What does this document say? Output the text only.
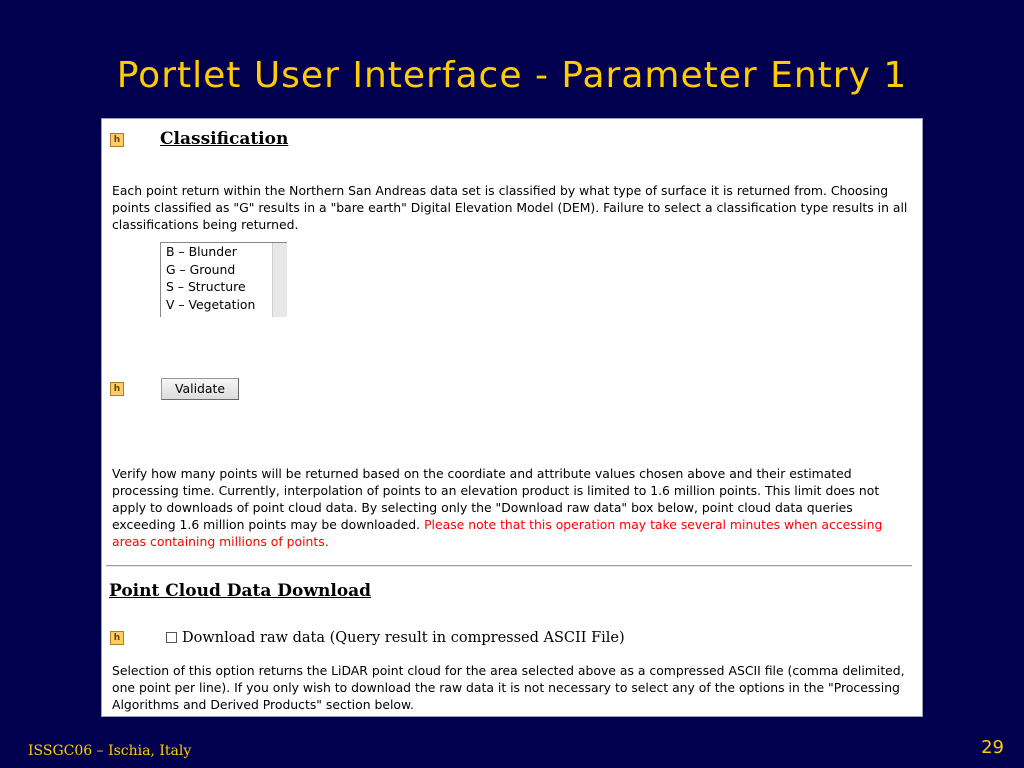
Portlet User Interface - Parameter Entry 1
h Classification
Each point return within the Northern San Andreas data set is classified by what type of surface it is returned from. Choosing points classified as "G" results in a "bare earth" Digital Elevation Model (DEM). Failure to select a classification type results in all classifications being returned.
B – Blunder
G – Ground
S – Structure
V – Vegetation
h	Validate
Verify how many points will be returned based on the coordiate and attribute values chosen above and their estimated processing time. Currently, interpolation of points to an elevation product is limited to 1.6 million points. This limit does not apply to downloads of point cloud data. By selecting only the "Download raw data" box below, point cloud data queries exceeding 1.6 million points may be downloaded. Please note that this operation may take several minutes when accessing areas containing millions of points.
Point Cloud Data Download
h	Download raw data (Query result in compressed ASCII File)
Selection of this option returns the LiDAR point cloud for the area selected above as a compressed ASCII file (comma delimited, one point per line). If you only wish to download the raw data it is not necessary to select any of the options in the "Processing Algorithms and Derived Products" section below.
ISSGC06 – Ischia, Italy	29
